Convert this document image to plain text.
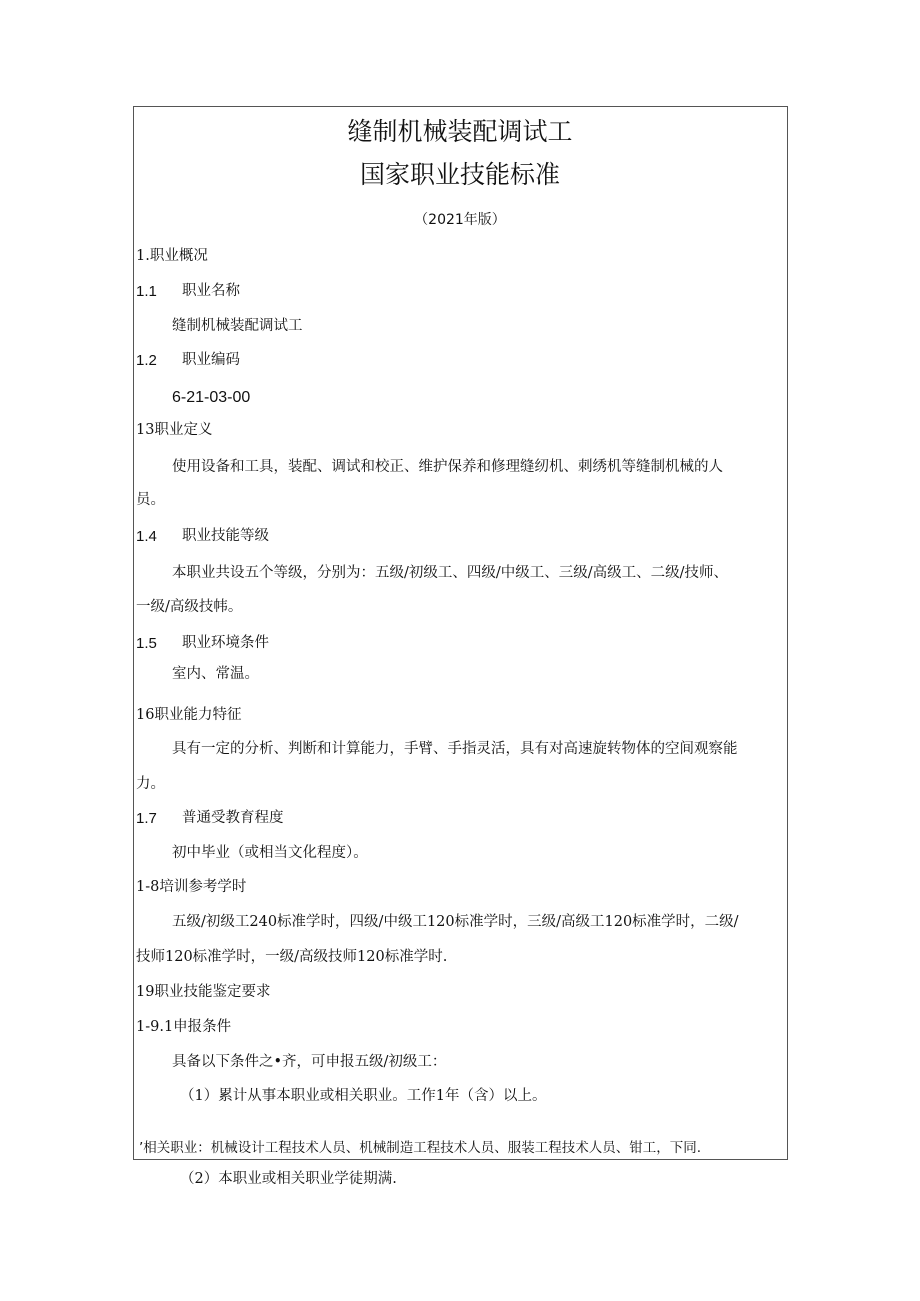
缝制机械装配调试工
国家职业技能标准
（2021年版）
1.职业概况
1.1 职业名称
缝制机械装配调试工
1.2 职业编码
6-21-03-00
13职业定义
使用设备和工具，装配、调试和校正、维护保养和修理缝纫机、刺绣机等缝制机械的人
员。
1.4 职业技能等级
本职业共设五个等级，分别为：五级/初级工、四级/中级工、三级/高级工、二级/技师、
一级/高级技帏。
1.5 职业环境条件
室内、常温。
16职业能力特征
具有一定的分析、判断和计算能力，手臂、手指灵活，具有对高速旋转物体的空间观察能
力。
1.7 普通受教育程度
初中毕业（或相当文化程度）。
1-8培训参考学时
五级/初级工240标准学时，四级/中级工120标准学时，三级/高级工120标准学时，二级/
技师120标准学时，一级/高级技师120标准学时.
19职业技能鉴定要求
1-9.1申报条件
具备以下条件之•齐，可申报五级/初级工：
（1）累计从事本职业或相关职业。工作1年（含）以上。
’相关职业：机械设计工程技术人员、机械制造工程技术人员、服装工程技术人员、钳工，下同.
（2）本职业或相关职业学徒期满.
